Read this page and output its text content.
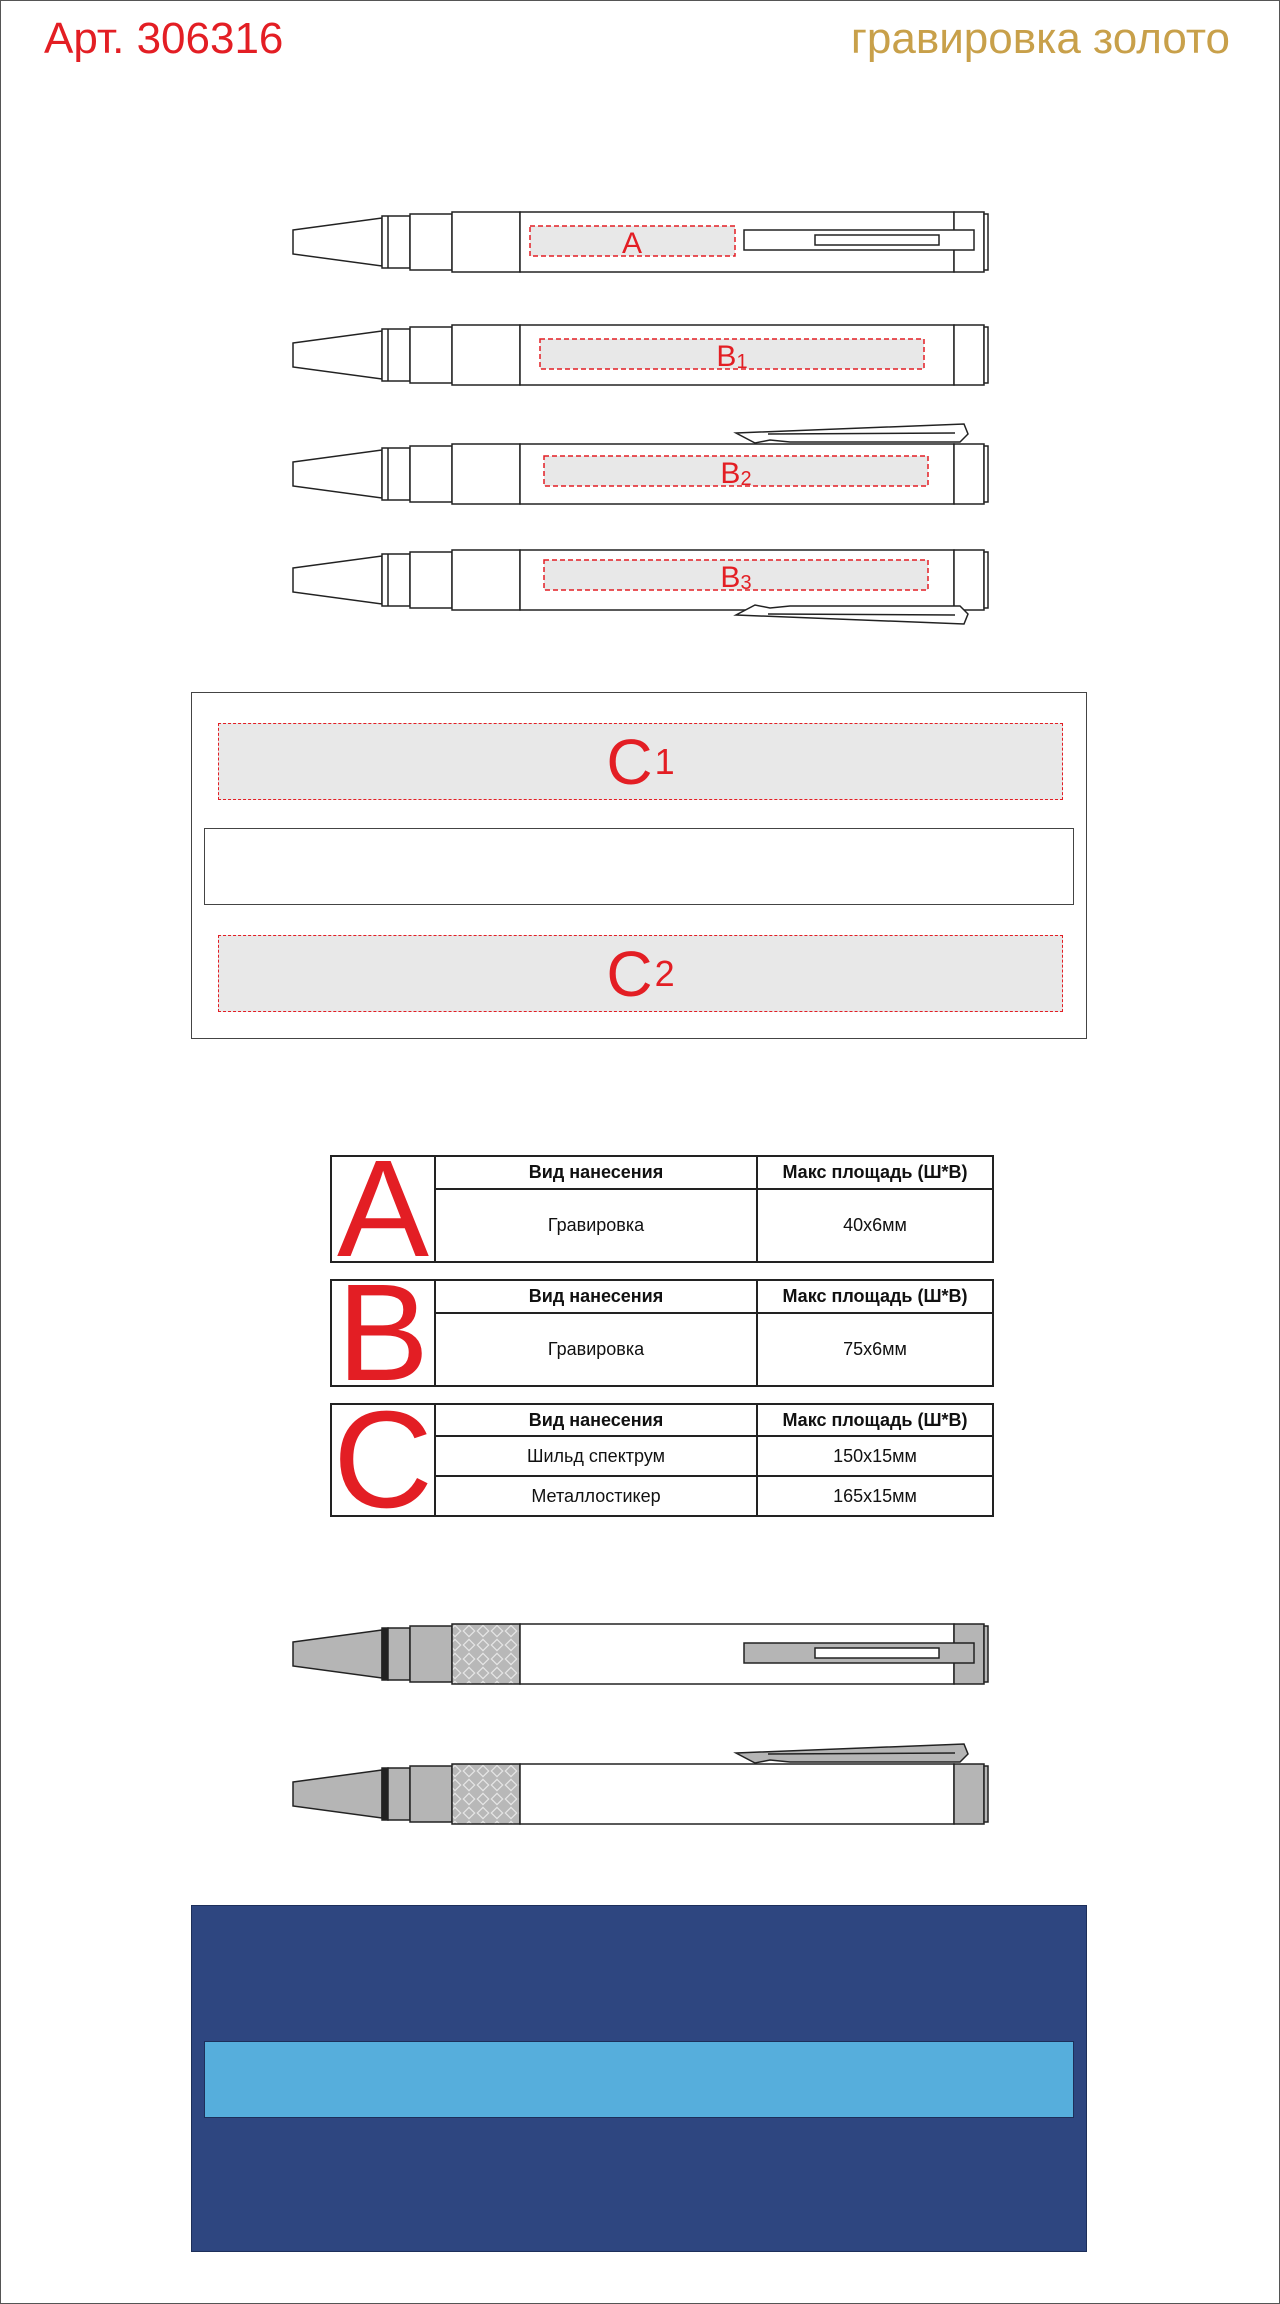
Арт. 306316	гравировка золото
A
B1
B2
B3
C 1
C 2
A	Вид нанесения	Макс площадь (Ш*В)
Гравировка	40х6мм
B	Вид нанесения	Макс площадь (Ш*В)
Гравировка	75х6мм
C	Вид нанесения	Макс площадь (Ш*В)
Шильд спектрум	150х15мм
Металлостикер	165х15мм
